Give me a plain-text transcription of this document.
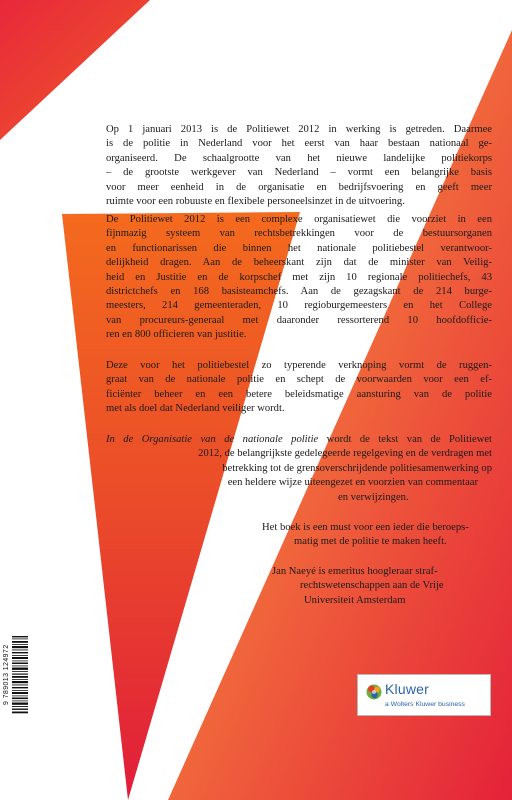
Op 1 januari 2013 is de Politiewet 2012 in werking is getreden. Daarmee
is de politie in Nederland voor het eerst van haar bestaan nationaal ge-
organiseerd. De schaalgrootte van het nieuwe landelijke politiekorps
– de grootste werkgever van Nederland – vormt een belangrijke basis
voor meer eenheid in de organisatie en bedrijfsvoering en geeft meer
ruimte voor een robuuste en flexibele personeelsinzet in de uitvoering.
De Politiewet 2012 is een complexe organisatiewet die voorziet in een
fijnmazig systeem van rechtsbetrekkingen voor de bestuursorganen
en functionarissen die binnen het nationale politiebestel verantwoor-
delijkheid dragen. Aan de beheerskant zijn dat de minister van Veilig-
heid en Justitie en de korpschef met zijn 10 regionale politiechefs, 43
districtchefs en 168 basisteamchefs. Aan de gezagskant de 214 burge-
meesters, 214 gemeenteraden, 10 regioburgemeesters en het College
van procureurs-generaal met daaronder ressorterend 10 hoofdofficie-
ren en 800 officieren van justitie.
Deze voor het politiebestel zo typerende verknoping vormt de ruggen-
graat van de nationale politie en schept de voorwaarden voor een ef-
ficiënter beheer en een betere beleidsmatige aansturing van de politie
met als doel dat Nederland veiliger wordt.
In de Organisatie van de nationale politie wordt de tekst van de Politiewet
2012, de belangrijkste gedelegeerde regelgeving en de verdragen met
betrekking tot de grensoverschrijdende politiesamenwerking op
een heldere wijze uiteengezet en voorzien van commentaar
en verwijzingen.
Het boek is een must voor een ieder die beroeps-
matig met de politie te maken heeft.
Jan Naeyé is emeritus hoogleraar straf-
rechtswetenschappen aan de Vrije
Universiteit Amsterdam
9 789013 124972	Kluwer
a Wolters Kluwer business
